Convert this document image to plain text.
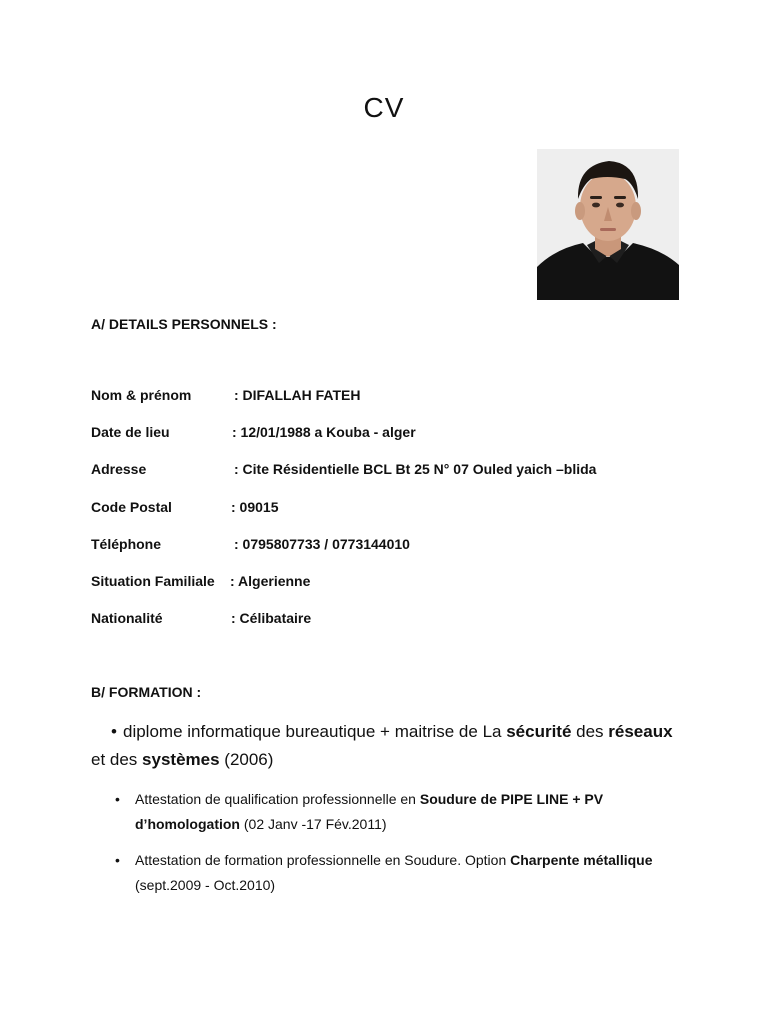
CV
A/ DETAILS PERSONNELS :
Nom & prénom	: DIFALLAH FATEH
Date de lieu	: 12/01/1988 a Kouba - alger
Adresse	: Cite Résidentielle BCL Bt 25 N° 07 Ouled yaich –blida
Code Postal	: 09015
Téléphone	: 0795807733 / 0773144010
Situation Familiale : Algerienne
Nationalité	: Célibataire
B/ FORMATION :
• diplome informatique bureautique + maitrise de La sécurité des réseaux et des systèmes (2006)
• Attestation de qualification professionnelle en Soudure de PIPE LINE + PV d’homologation (02 Janv -17 Fév.2011)
• Attestation de formation professionnelle en Soudure. Option Charpente métallique (sept.2009 - Oct.2010)
